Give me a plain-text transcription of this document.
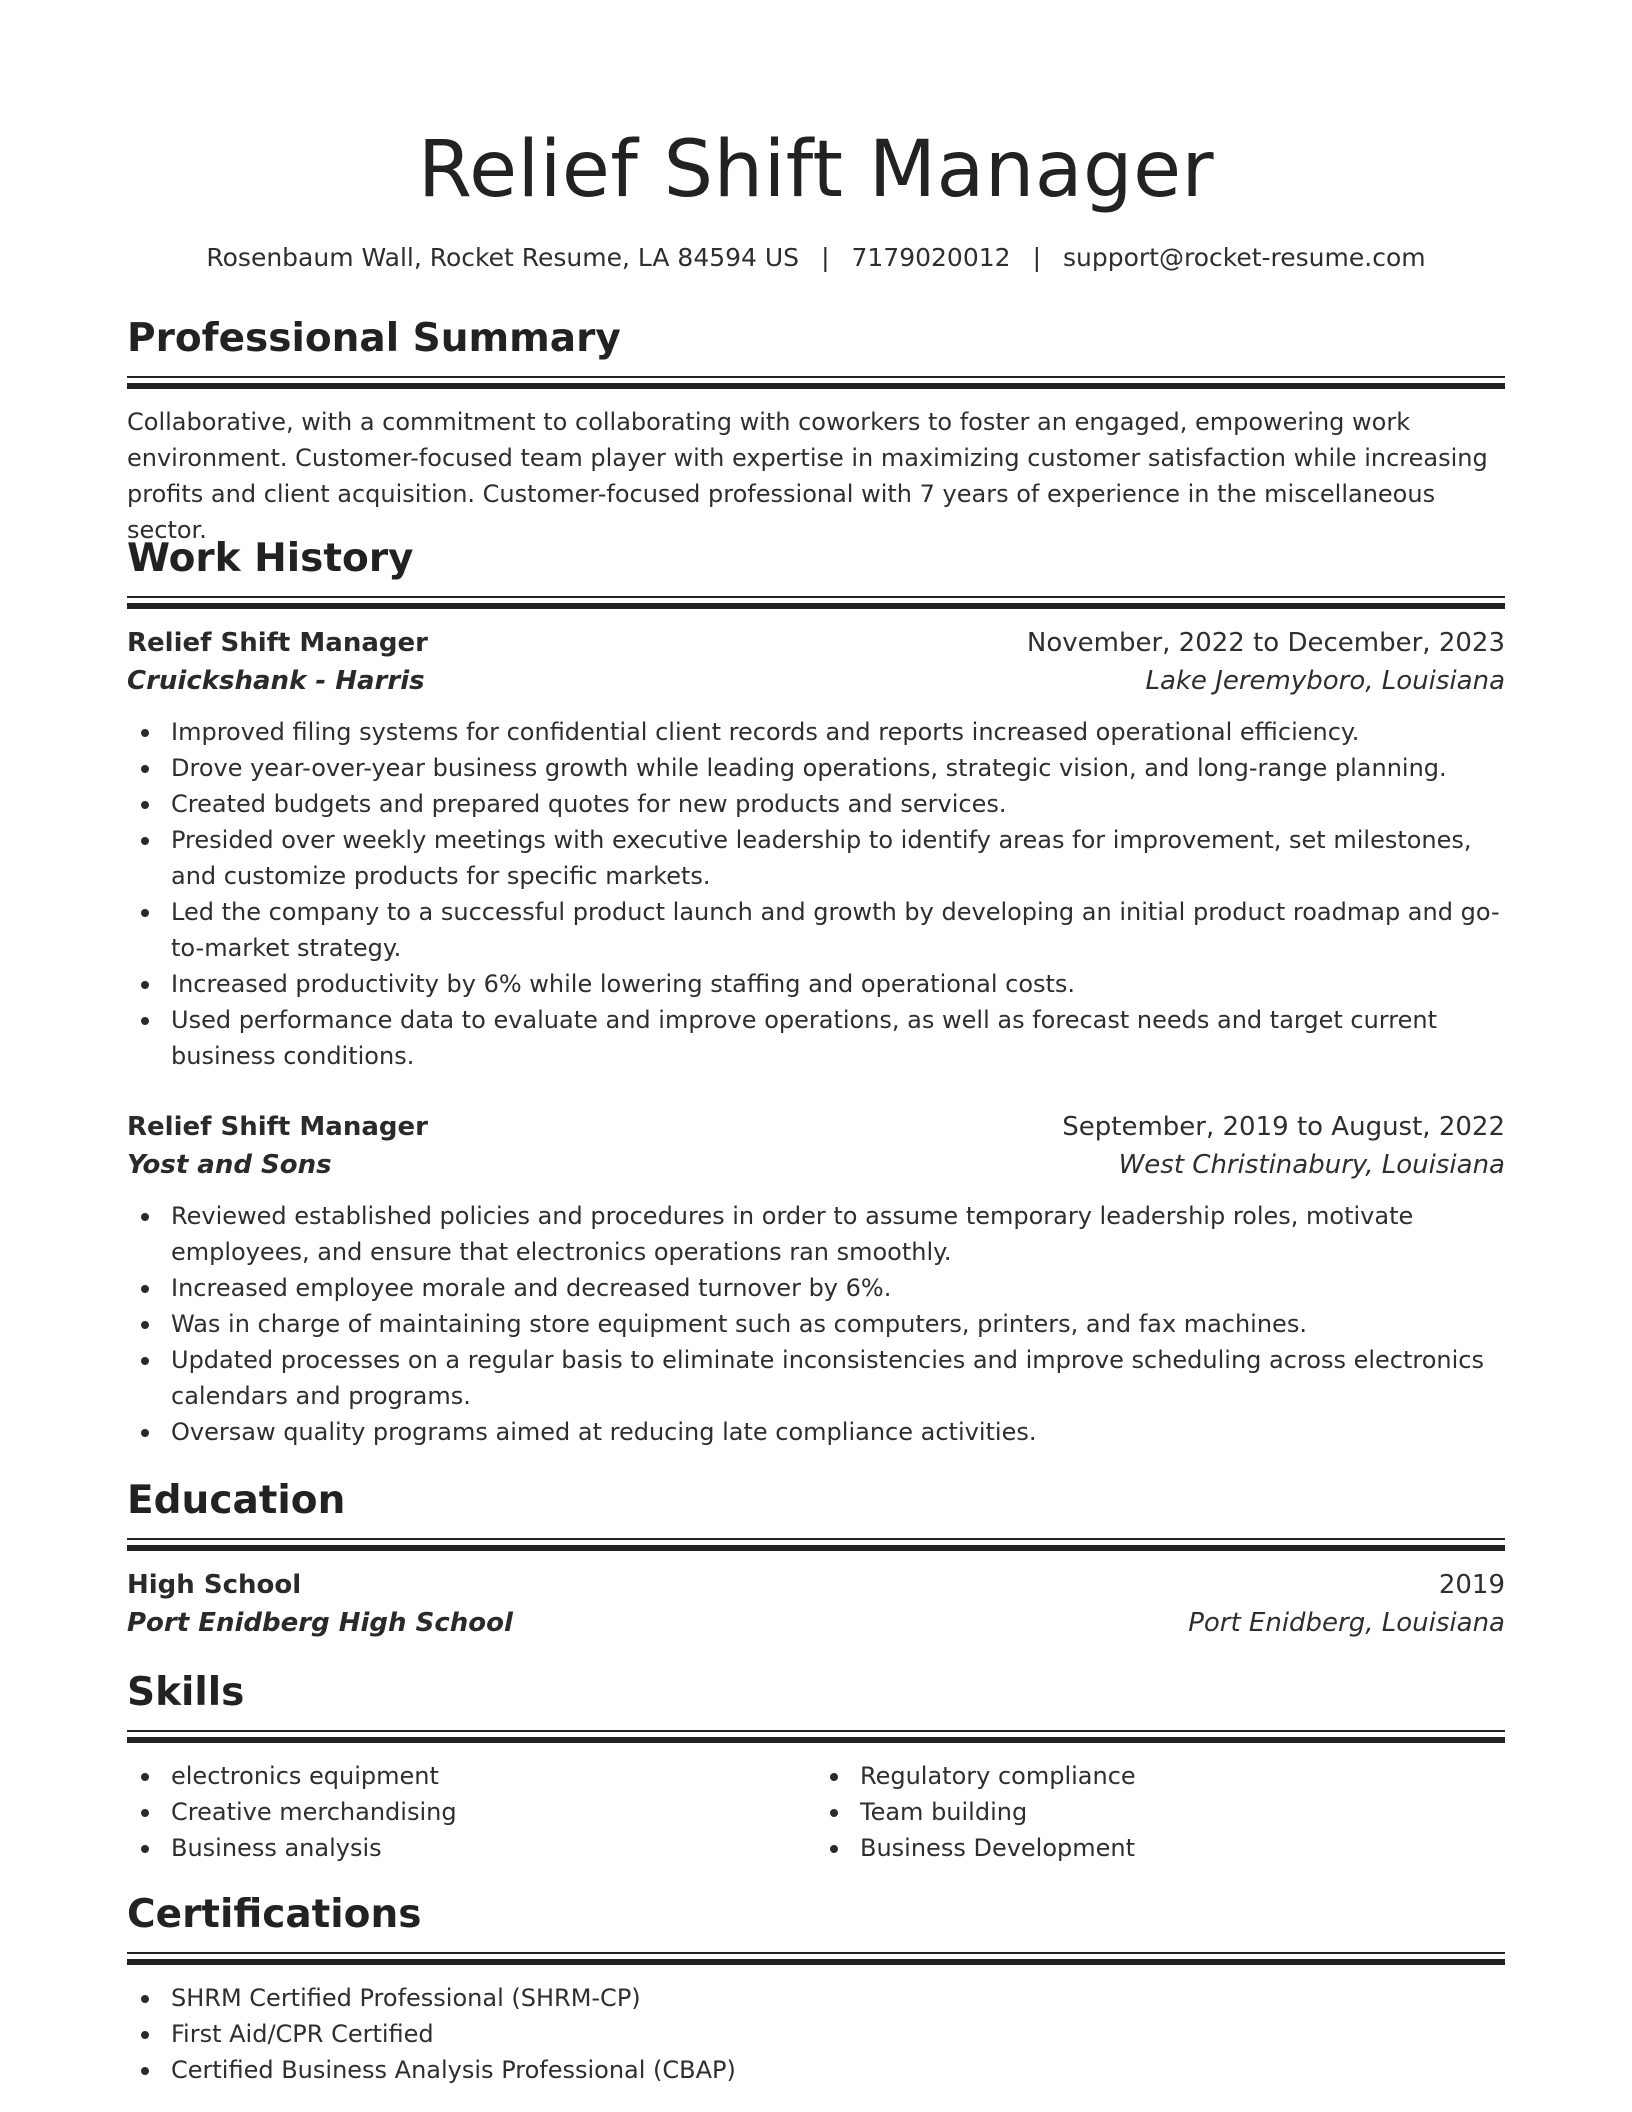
Relief Shift Manager
Rosenbaum Wall, Rocket Resume, LA 84594 US | 7179020012 | support@rocket-resume.com
Professional Summary

Collaborative, with a commitment to collaborating with coworkers to foster an engaged, empowering work environment. Customer-focused team player with expertise in maximizing customer satisfaction while increasing profits and client acquisition. Customer-focused professional with 7 years of experience in the miscellaneous sector.

Work History
Relief Shift Manager	November, 2022 to December, 2023
Cruickshank - Harris	Lake Jeremyboro, Louisiana
Improved filing systems for confidential client records and reports increased operational efficiency.
Drove year-over-year business growth while leading operations, strategic vision, and long-range planning.
Created budgets and prepared quotes for new products and services.
Presided over weekly meetings with executive leadership to identify areas for improvement, set milestones, and customize products for specific markets.
Led the company to a successful product launch and growth by developing an initial product roadmap and go-to-market strategy.
Increased productivity by 6% while lowering staffing and operational costs.
Used performance data to evaluate and improve operations, as well as forecast needs and target current business conditions.
Relief Shift Manager	September, 2019 to August, 2022
Yost and Sons	West Christinabury, Louisiana
Reviewed established policies and procedures in order to assume temporary leadership roles, motivate employees, and ensure that electronics operations ran smoothly.
Increased employee morale and decreased turnover by 6%.
Was in charge of maintaining store equipment such as computers, printers, and fax machines.
Updated processes on a regular basis to eliminate inconsistencies and improve scheduling across electronics calendars and programs.
Oversaw quality programs aimed at reducing late compliance activities.
Education
High School	2019
Port Enidberg High School	Port Enidberg, Louisiana
Skills
electronics equipment
Creative merchandising
Business analysis
Regulatory compliance
Team building
Business Development
Certifications
SHRM Certified Professional (SHRM-CP)
First Aid/CPR Certified
Certified Business Analysis Professional (CBAP)
